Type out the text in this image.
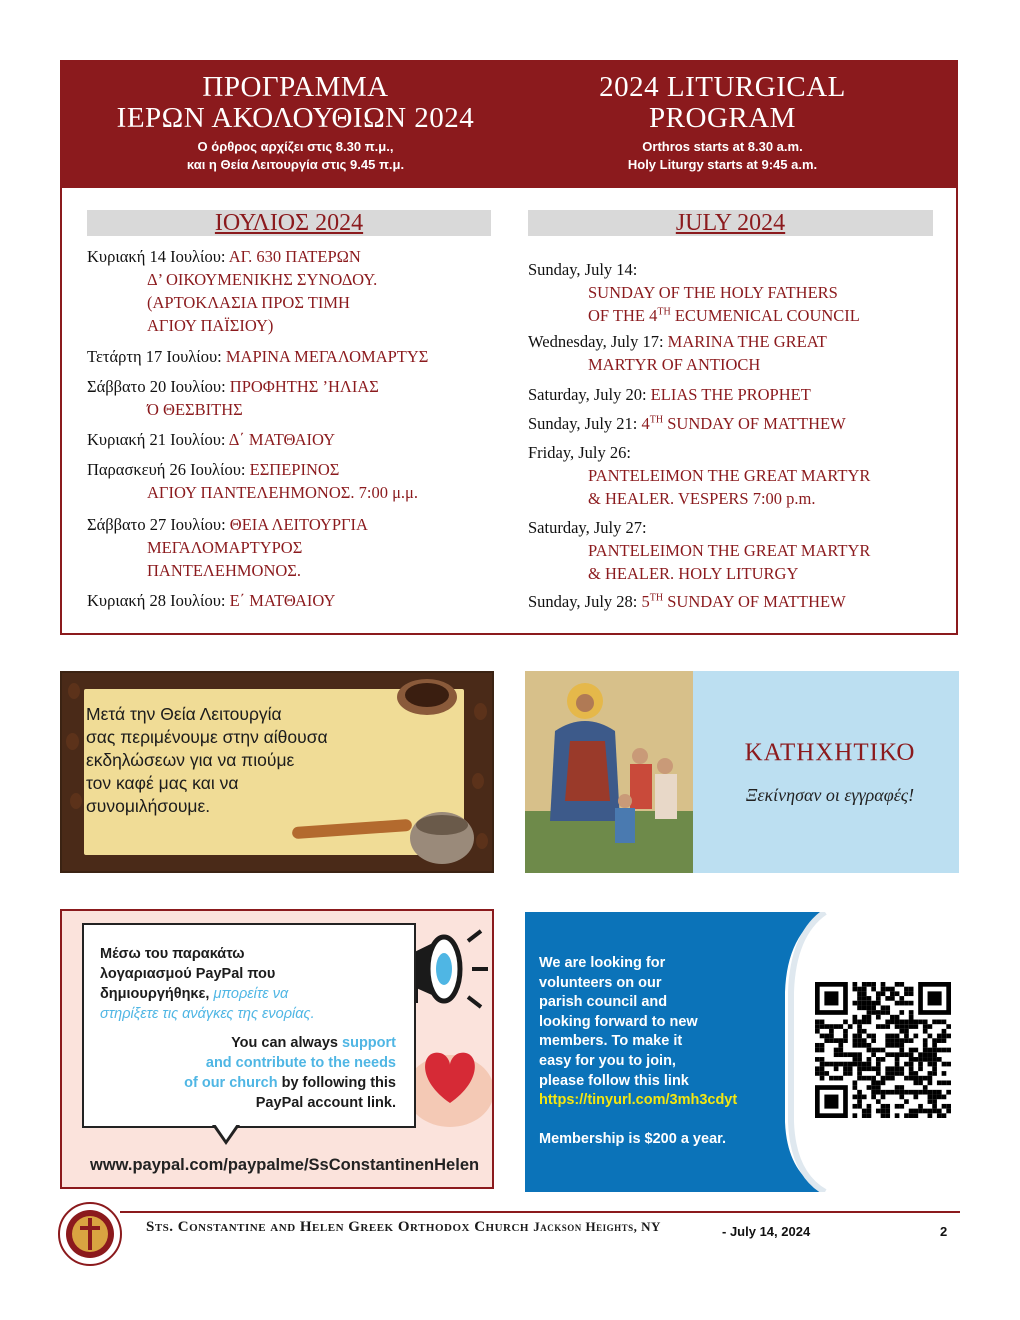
ΠΡΟΓΡΑΜΜΑ
ΙΕΡΩΝ ΑΚΟΛΟΥΘΙΩΝ 2024
Ο όρθρος αρχίζει στις 8.30 π.μ.,
και η Θεία Λειτουργία στις 9.45 π.μ.
2024 LITURGICAL
PROGRAM
Orthros starts at 8.30 a.m.
Holy Liturgy starts at 9:45 a.m.
ΙΟΥΛΙΟΣ 2024	JULY 2024
Κυριακή 14 Ιουλίου: ΑΓ. 630 ΠΑΤΕΡΩΝ
Δ’ ΟΙΚΟΥΜΕΝΙΚΗΣ ΣΥΝΟΔΟΥ.
(ΑΡΤΟΚΛΑΣΙΑ ΠΡΟΣ ΤΙΜΗ
ΑΓΙΟΥ ΠΑΪΣΙΟΥ)
Τετάρτη 17 Ιουλίου: ΜΑΡΙΝΑ ΜΕΓΑΛΟΜΑΡΤΥΣ
Σάββατο 20 Ιουλίου: ΠΡΟΦΗΤΗΣ ’ΗΛΙΑΣ
Ό ΘΕΣΒΙΤΗΣ
Κυριακή 21 Ιουλίου: Δ΄ ΜΑΤΘΑΙΟΥ
Παρασκευή 26 Ιουλίου: ΕΣΠΕΡΙΝΟΣ
ΑΓΙΟΥ ΠΑΝΤΕΛΕΗΜΟΝΟΣ. 7:00 μ.μ.
Σάββατο 27 Ιουλίου: ΘΕΙΑ ΛΕΙΤΟΥΡΓΙΑ
ΜΕΓΑΛΟΜΑΡΤΥΡΟΣ
ΠΑΝΤΕΛΕΗΜΟΝΟΣ.
Κυριακή 28 Ιουλίου: Ε΄ ΜΑΤΘΑΙΟΥ
Sunday, July 14:
SUNDAY OF THE HOLY FATHERS
OF THE 4TH ECUMENICAL COUNCIL
Wednesday, July 17: MARINA THE GREAT
MARTYR OF ANTIOCH
Saturday, July 20: ELIAS THE PROPHET
Sunday, July 21: 4TH SUNDAY OF MATTHEW
Friday, July 26:
PANTELEIMON THE GREAT MARTYR
& HEALER. VESPERS 7:00 p.m.
Saturday, July 27:
PANTELEIMON THE GREAT MARTYR
& HEALER. HOLY LITURGY
Sunday, July 28: 5TH SUNDAY OF MATTHEW
Μετά την Θεία Λειτουργία
σας περιμένουμε στην αίθουσα
εκδηλώσεων για να πιούμε
τον καφέ μας και να
συνομιλήσουμε.
ΚΑΤΗΧΗΤΙΚΟ
Ξεκίνησαν οι εγγραφές!
Μέσω του παρακάτω
λογαριασμού PayPal που
δημιουργήθηκε, μπορείτε να
στηρίξετε τις ανάγκες της ενορίας.
You can always support
and contribute to the needs
of our church by following this
PayPal account link.
www.paypal.com/paypalme/SsConstantinenHelen
We are looking for
volunteers on our
parish council and
looking forward to new
members. To make it
easy for you to join,
please follow this link
https://tinyurl.com/3mh3cdyt
Membership is $200 a year.
Sts. Constantine and Helen Greek Orthodox Church Jackson Heights, NY	- July 14, 2024	2
